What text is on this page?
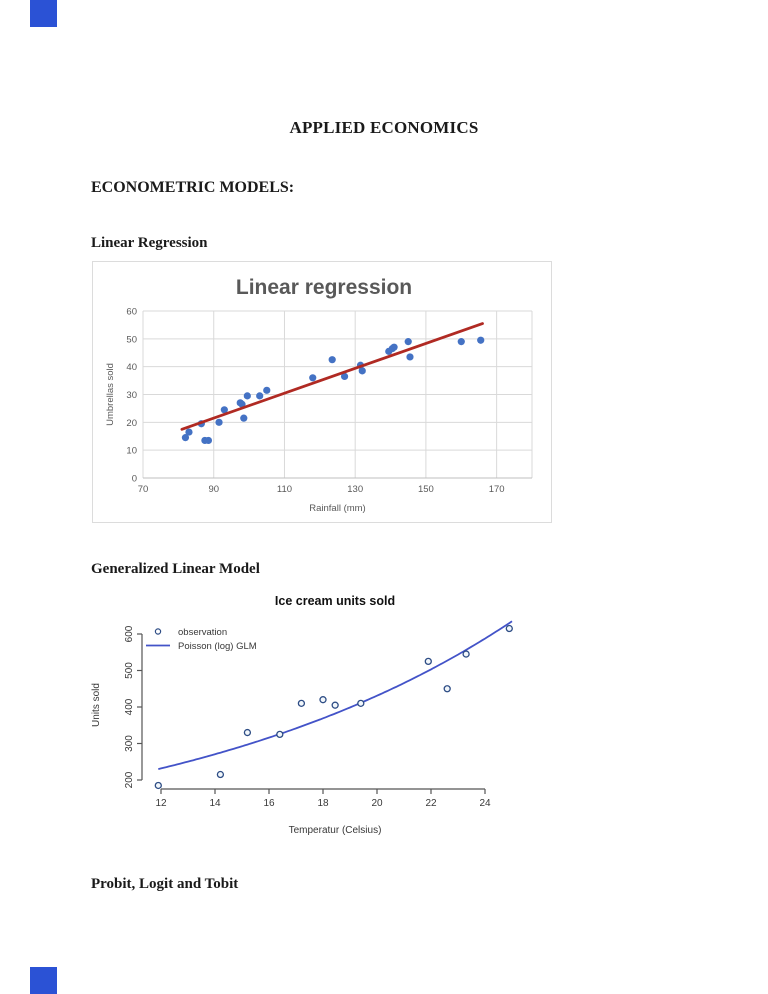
APPLIED ECONOMICS
ECONOMETRIC MODELS:
Linear Regression
Linear regression
0
10
20
30
40
50
60
70	90	110	130	150	170
Rainfall (mm)
Umbrellas sold
Generalized Linear Model
Ice cream units sold
200
300
400
500
600
12	14	16	18	20	22	24
Temperatur (Celsius)
Units sold
observation
Poisson (log) GLM
Probit, Logit and Tobit
